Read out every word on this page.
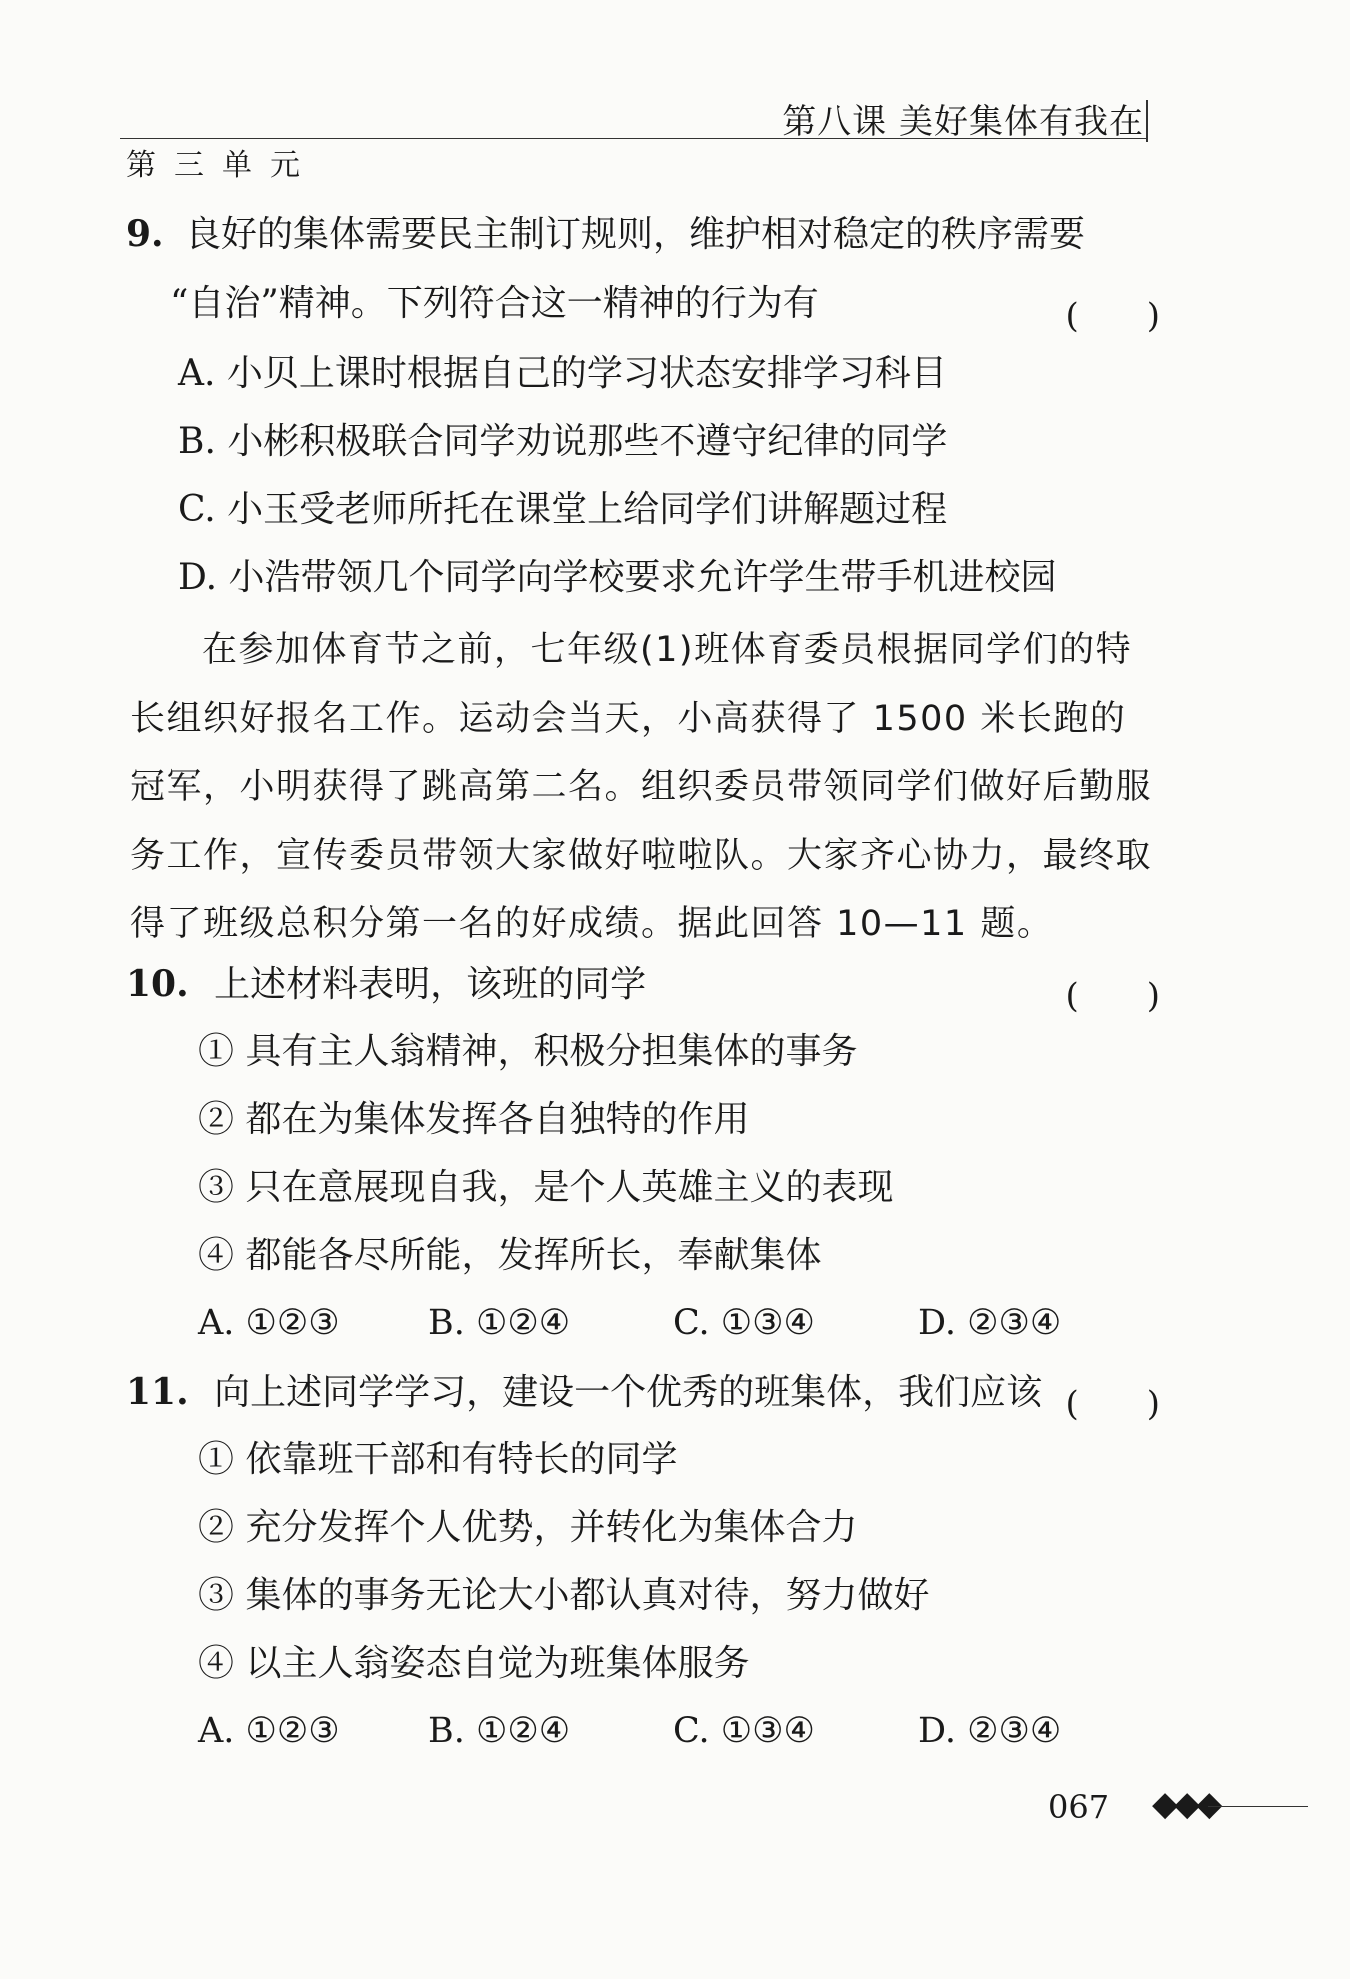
第八课 美好集体有我在
第三单元
9. 良好的集体需要民主制订规则，维护相对稳定的秩序需要
“自治”精神。下列符合这一精神的行为有	(　　)
A. 小贝上课时根据自己的学习状态安排学习科目
B. 小彬积极联合同学劝说那些不遵守纪律的同学
C. 小玉受老师所托在课堂上给同学们讲解题过程
D. 小浩带领几个同学向学校要求允许学生带手机进校园
在参加体育节之前，七年级(1)班体育委员根据同学们的特长组织好报名工作。运动会当天，小高获得了 1500 米长跑的冠军，小明获得了跳高第二名。组织委员带领同学们做好后勤服务工作，宣传委员带领大家做好啦啦队。大家齐心协力，最终取得了班级总积分第一名的好成绩。据此回答 10—11 题。
10. 上述材料表明，该班的同学	(　　)
① 具有主人翁精神，积极分担集体的事务
② 都在为集体发挥各自独特的作用
③ 只在意展现自我，是个人英雄主义的表现
④ 都能各尽所能，发挥所长，奉献集体
A. ①②③	B. ①②④	C. ①③④	D. ②③④
11. 向上述同学学习，建设一个优秀的班集体，我们应该 (　　)
① 依靠班干部和有特长的同学
② 充分发挥个人优势，并转化为集体合力
③ 集体的事务无论大小都认真对待，努力做好
④ 以主人翁姿态自觉为班集体服务
A. ①②③	B. ①②④	C. ①③④	D. ②③④
067 ◆◆◆
